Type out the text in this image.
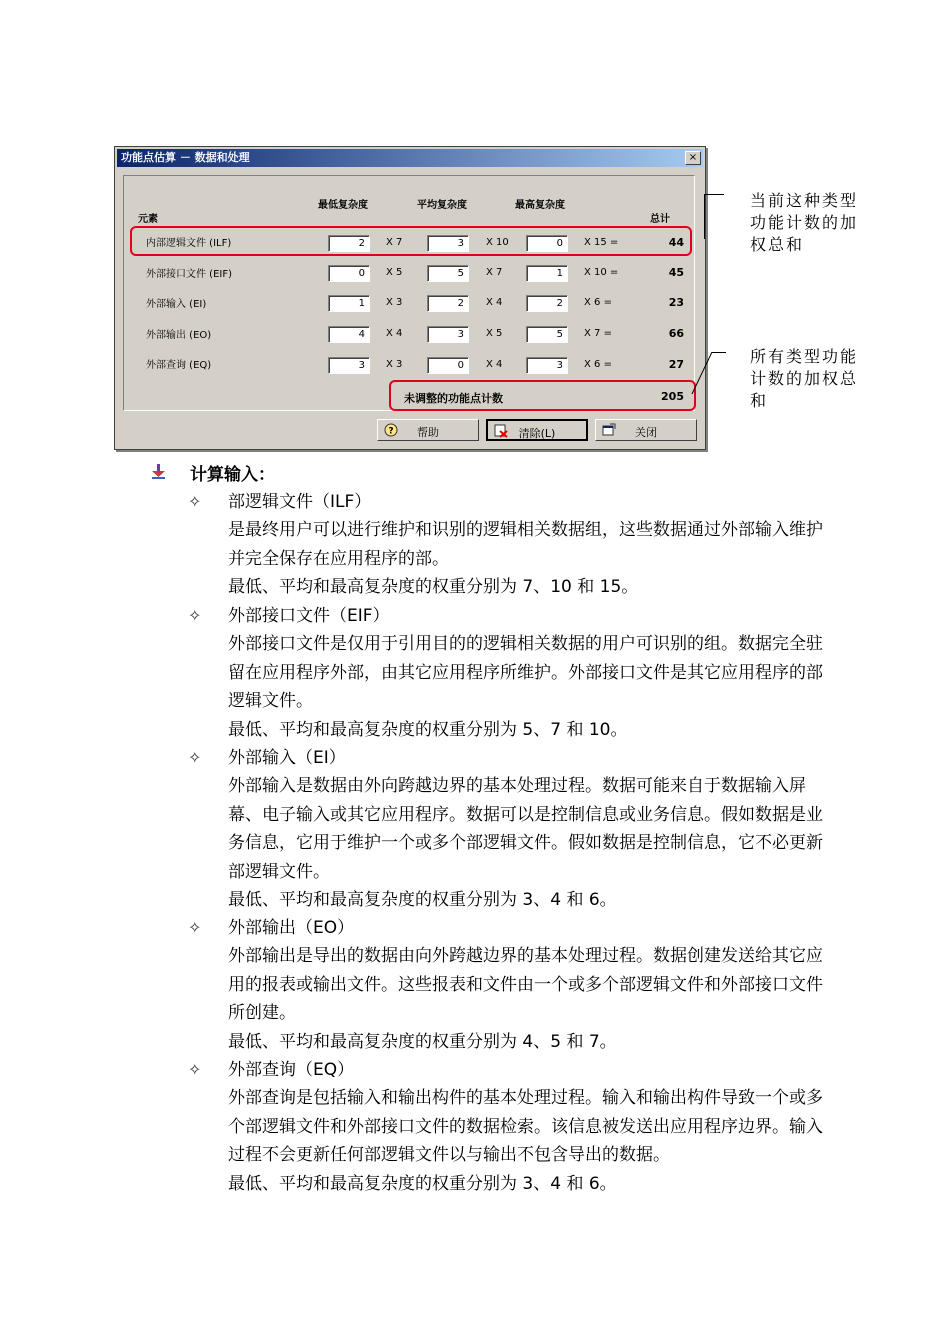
功能点估算 － 数据和处理	×
元素
最低复杂度	平均复杂度	最高复杂度
总计
内部逻辑文件 (ILF)	2	X 7	3	X 10	0	X 15 =	44
外部接口文件 (EIF)	0	X 5	5	X 7	1	X 10 =	45
外部输入 (EI)	1	X 3	2	X 4	2	X 6 =	23
外部输出 (EO)	4	X 4	3	X 5	5	X 7 =	66
外部查询 (EQ)	3	X 3	0	X 4	3	X 6 =	27
未调整的功能点计数	205
?	帮助	清除(L)	关闭
当前这种类型功能计数的加权总和
所有类型功能计数的加权总和
计算输入：
✧ 部逻辑文件（ILF）
是最终用户可以进行维护和识别的逻辑相关数据组，这些数据通过外部输入维护并完全保存在应用程序的部。
最低、平均和最高复杂度的权重分别为 7、10 和 15。
✧ 外部接口文件（EIF）
外部接口文件是仅用于引用目的的逻辑相关数据的用户可识别的组。数据完全驻留在应用程序外部，由其它应用程序所维护。外部接口文件是其它应用程序的部逻辑文件。
最低、平均和最高复杂度的权重分别为 5、7 和 10。
✧ 外部输入（EI）
外部输入是数据由外向跨越边界的基本处理过程。数据可能来自于数据输入屏幕、电子输入或其它应用程序。数据可以是控制信息或业务信息。假如数据是业务信息，它用于维护一个或多个部逻辑文件。假如数据是控制信息，它不必更新部逻辑文件。
最低、平均和最高复杂度的权重分别为 3、4 和 6。
✧ 外部输出（EO）
外部输出是导出的数据由向外跨越边界的基本处理过程。数据创建发送给其它应用的报表或输出文件。这些报表和文件由一个或多个部逻辑文件和外部接口文件所创建。
最低、平均和最高复杂度的权重分别为 4、5 和 7。
✧ 外部查询（EQ）
外部查询是包括输入和输出构件的基本处理过程。输入和输出构件导致一个或多个部逻辑文件和外部接口文件的数据检索。该信息被发送出应用程序边界。输入过程不会更新任何部逻辑文件以与输出不包含导出的数据。
最低、平均和最高复杂度的权重分别为 3、4 和 6。
